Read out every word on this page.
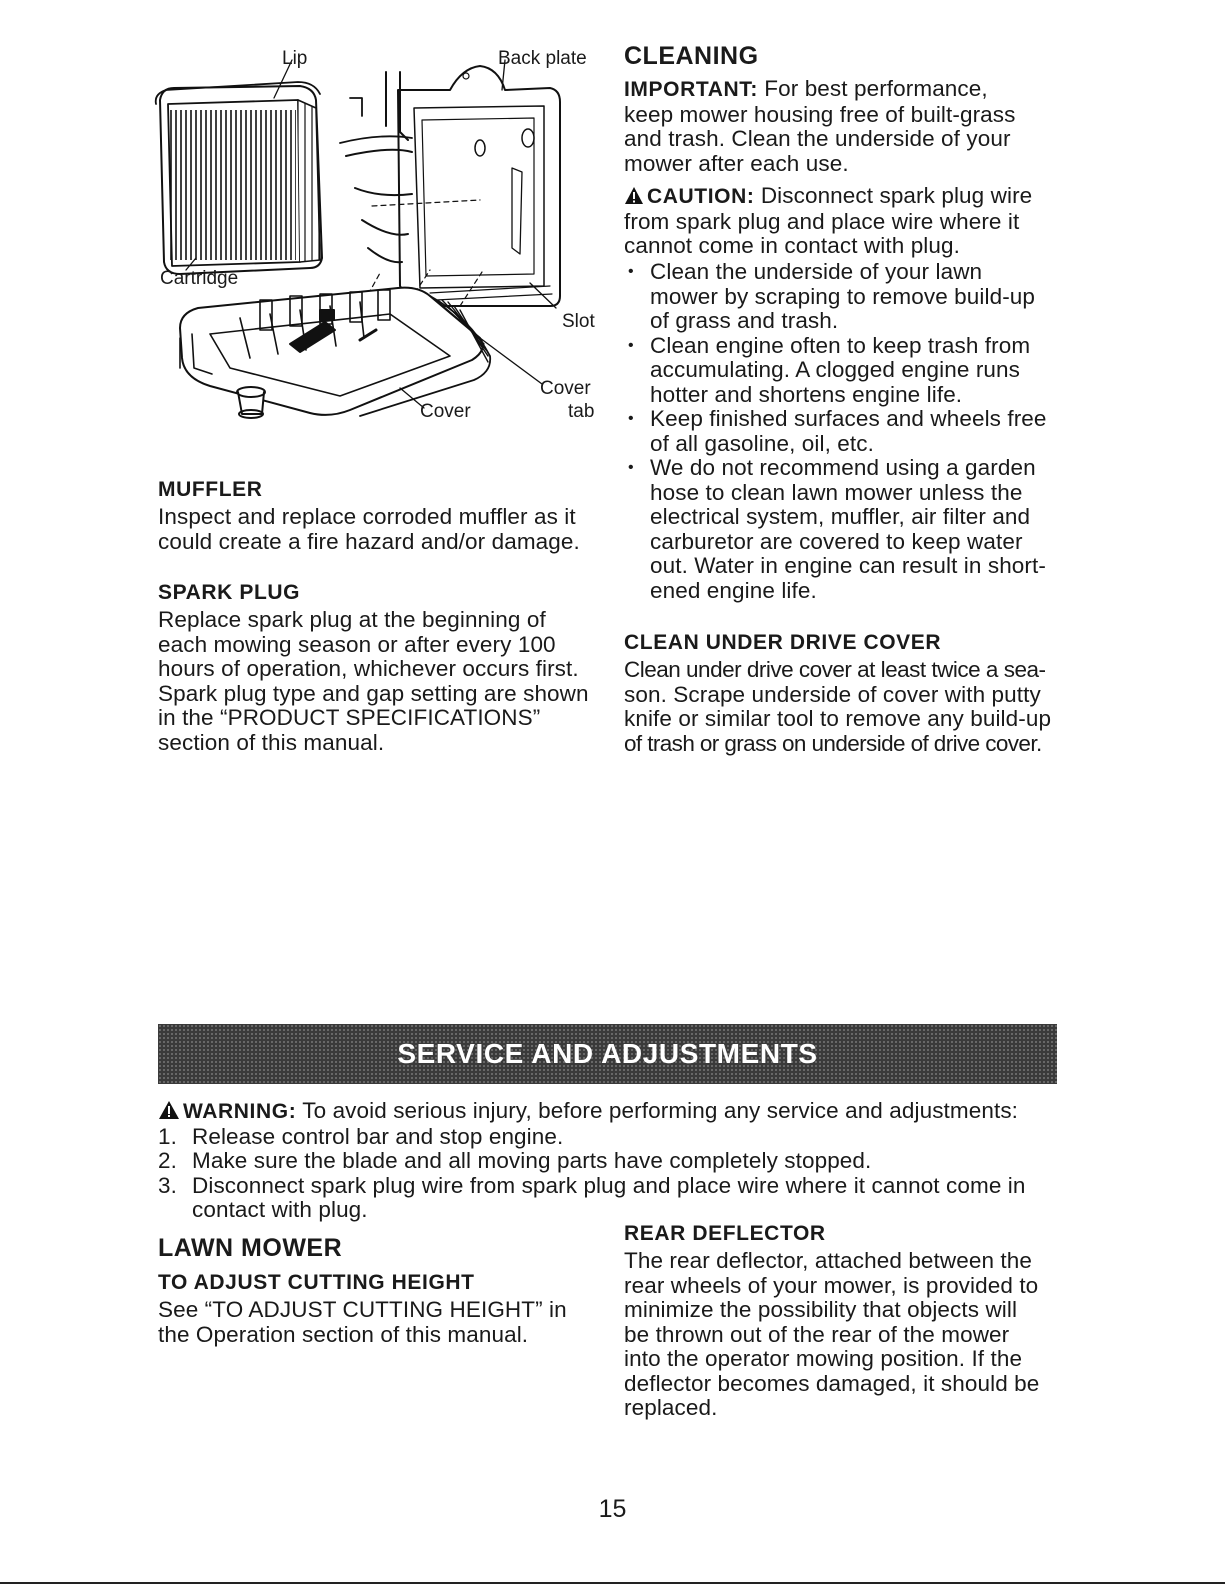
Lip	Back plate
Cartridge
Slot
Cover
Cover
tab
MUFFLER
Inspect and replace corroded muffler as it
could create a fire hazard and/or damage.
SPARK PLUG
Replace spark plug at the beginning of
each mowing season or after every 100
hours of operation, whichever occurs first.
Spark plug type and gap setting are shown
in the “PRODUCT SPECIFICATIONS”
section of this manual.
CLEANING
IMPORTANT: For best performance,
keep mower housing free of built-grass
and trash. Clean the underside of your
mower after each use.
CAUTION: Disconnect spark plug wire
from spark plug and place wire where it
cannot come in contact with plug.
• Clean the underside of your lawn
mower by scraping to remove build-up
of grass and trash.
• Clean engine often to keep trash from
accumulating. A clogged engine runs
hotter and shortens engine life.
• Keep finished surfaces and wheels free
of all gasoline, oil, etc.
• We do not recommend using a garden
hose to clean lawn mower unless the
electrical system, muffler, air filter and
carburetor are covered to keep water
out. Water in engine can result in short-
ened engine life.
CLEAN UNDER DRIVE COVER
Clean under drive cover at least twice a sea-
son. Scrape underside of cover with putty
knife or similar tool to remove any build-up
of trash or grass on underside of drive cover.
SERVICE AND ADJUSTMENTS
WARNING: To avoid serious injury, before performing any service and adjustments:
1. Release control bar and stop engine.
2. Make sure the blade and all moving parts have completely stopped.
3. Disconnect spark plug wire from spark plug and place wire where it cannot come in
contact with plug.
LAWN MOWER
TO ADJUST CUTTING HEIGHT
See “TO ADJUST CUTTING HEIGHT” in
the Operation section of this manual.
REAR DEFLECTOR
The rear deflector, attached between the
rear wheels of your mower, is provided to
minimize the possibility that objects will
be thrown out of the rear of the mower
into the operator mowing position. If the
deflector becomes damaged, it should be
replaced.
15
